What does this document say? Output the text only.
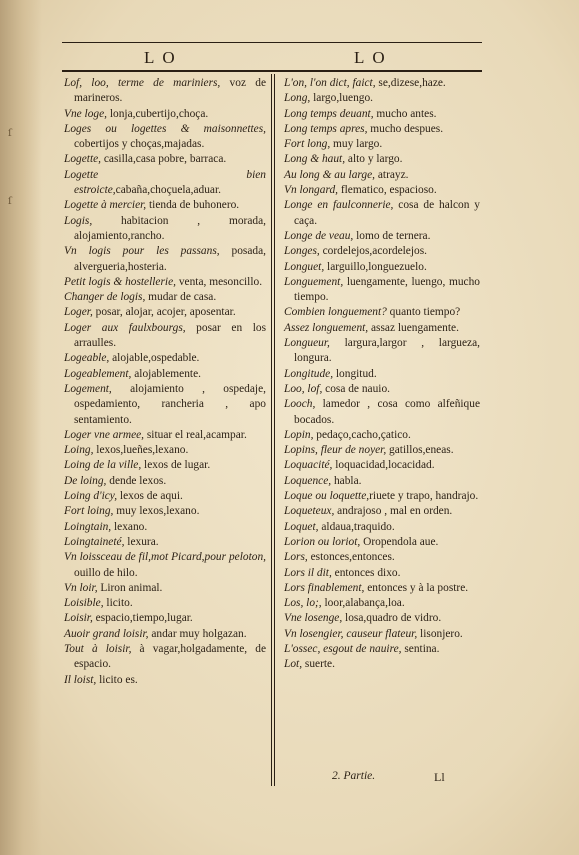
ſ
ſ
LO	LO

Lof, loo, terme de mariniers, voz de marineros.

Vne loge, lonja,cubertijo,choça.

Loges ou logettes & maisonnettes, cobertijos y choças,majadas.

Logette, casilla,casa pobre, barraca.

Logette bien estroicte,cabaña,choçuela,aduar.

Logette à mercier, tienda de buhonero.

Logis, habitacion , morada, alojamiento,rancho.

Vn logis pour les passans, posada, alvergueria,hosteria.

Petit logis & hostellerie, venta, mesoncillo.

Changer de logis, mudar de casa.

Loger, posar, alojar, acojer, aposentar.

Loger aux faulxbourgs, posar en los arraulles.

Logeable, alojable,ospedable.

Logeablement, alojablemente.

Logement, alojamiento , ospedaje, ospedamiento, rancheria , apo sentamiento.

Loger vne armee, situar el real,acampar.

Loing, lexos,lueñes,lexano.

Loing de la ville, lexos de lugar.

De loing, dende lexos.

Loing d'icy, lexos de aqui.

Fort loing, muy lexos,lexano.

Loingtain, lexano.

Loingtaineté, lexura.

Vn loissceau de fil,mot Picard,pour peloton, ouillo de hilo.

Vn loir, Liron animal.

Loisible, licito.

Loisir, espacio,tiempo,lugar.

Auoir grand loisir, andar muy holgazan.

Tout à loisir, à vagar,holgadamente, de espacio.

Il loist, licito es.

L'on, l'on dict, faict, se,dizese,haze.

Long, largo,luengo.

Long temps deuant, mucho antes.

Long temps apres, mucho despues.

Fort long, muy largo.

Long & haut, alto y largo.

Au long & au large, atrayz.

Vn longard, flematico, espacioso.

Longe en faulconnerie, cosa de halcon y caça.

Longe de veau, lomo de ternera.

Longes, cordelejos,acordelejos.

Longuet, larguillo,longuezuelo.

Longuement, luengamente, luengo, mucho tiempo.

Combien longuement? quanto tiempo?

Assez longuement, assaz luengamente.

Longueur, largura,largor , largueza, longura.

Longitude, longitud.

Loo, lof, cosa de nauio.

Looch, lamedor , cosa como alfeñique bocados.

Lopin, pedaço,cacho,çatico.

Lopins, fleur de noyer, gatillos,eneas.

Loquacité, loquacidad,locacidad.

Loquence, habla.

Loque ou loquette,riuete y trapo, handrajo.

Loqueteux, andrajoso , mal en orden.

Loquet, aldaua,traquido.

Lorion ou loriot, Oropendola aue.

Lors, estonces,entonces.

Lors il dit, entonces dixo.

Lors finablement, entonces y à la postre.

Los, lo;, loor,alabança,loa.

Vne losenge, losa,quadro de vidro.

Vn losengier, causeur flateur, lisonjero.

L'ossec, esgout de nauire, sentina.

Lot, suerte.

2. Partie.	Ll
